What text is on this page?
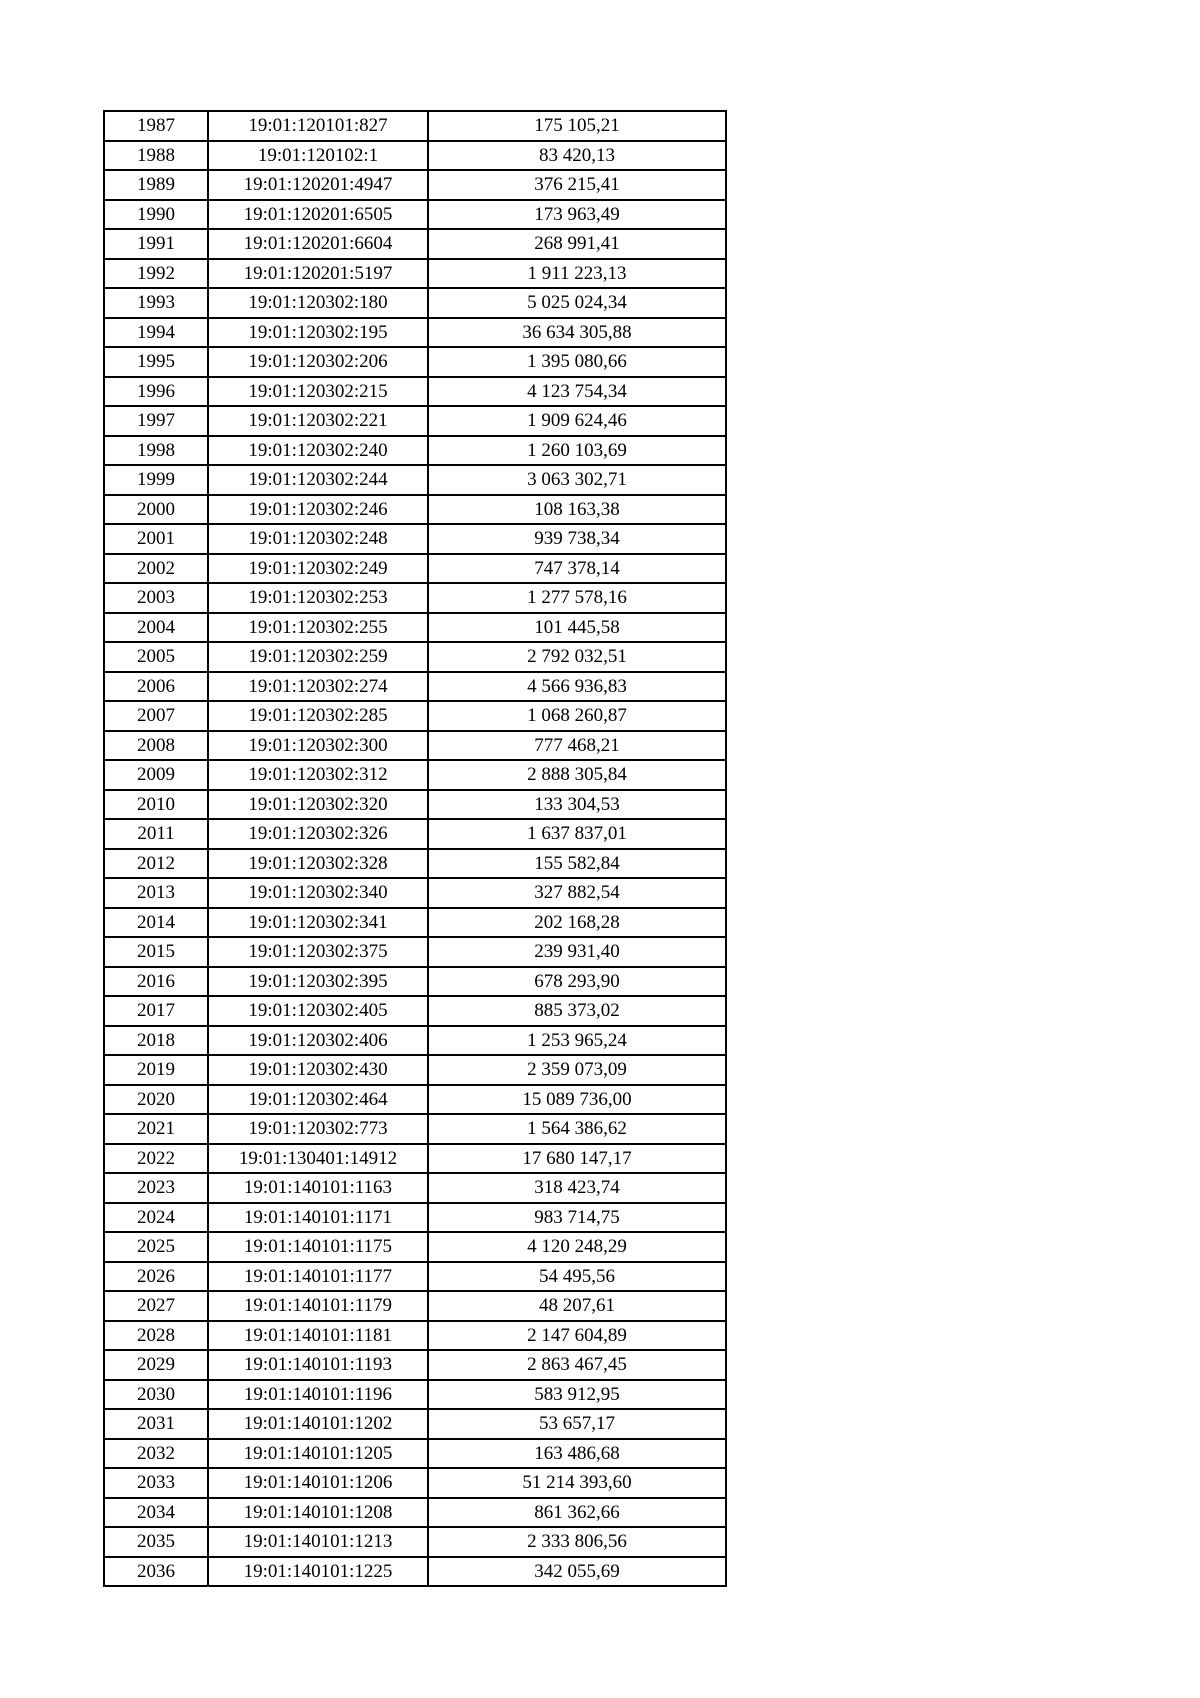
1987	19:01:120101:827	175 105,21
1988	19:01:120102:1	83 420,13
1989	19:01:120201:4947	376 215,41
1990	19:01:120201:6505	173 963,49
1991	19:01:120201:6604	268 991,41
1992	19:01:120201:5197	1 911 223,13
1993	19:01:120302:180	5 025 024,34
1994	19:01:120302:195	36 634 305,88
1995	19:01:120302:206	1 395 080,66
1996	19:01:120302:215	4 123 754,34
1997	19:01:120302:221	1 909 624,46
1998	19:01:120302:240	1 260 103,69
1999	19:01:120302:244	3 063 302,71
2000	19:01:120302:246	108 163,38
2001	19:01:120302:248	939 738,34
2002	19:01:120302:249	747 378,14
2003	19:01:120302:253	1 277 578,16
2004	19:01:120302:255	101 445,58
2005	19:01:120302:259	2 792 032,51
2006	19:01:120302:274	4 566 936,83
2007	19:01:120302:285	1 068 260,87
2008	19:01:120302:300	777 468,21
2009	19:01:120302:312	2 888 305,84
2010	19:01:120302:320	133 304,53
2011	19:01:120302:326	1 637 837,01
2012	19:01:120302:328	155 582,84
2013	19:01:120302:340	327 882,54
2014	19:01:120302:341	202 168,28
2015	19:01:120302:375	239 931,40
2016	19:01:120302:395	678 293,90
2017	19:01:120302:405	885 373,02
2018	19:01:120302:406	1 253 965,24
2019	19:01:120302:430	2 359 073,09
2020	19:01:120302:464	15 089 736,00
2021	19:01:120302:773	1 564 386,62
2022	19:01:130401:14912	17 680 147,17
2023	19:01:140101:1163	318 423,74
2024	19:01:140101:1171	983 714,75
2025	19:01:140101:1175	4 120 248,29
2026	19:01:140101:1177	54 495,56
2027	19:01:140101:1179	48 207,61
2028	19:01:140101:1181	2 147 604,89
2029	19:01:140101:1193	2 863 467,45
2030	19:01:140101:1196	583 912,95
2031	19:01:140101:1202	53 657,17
2032	19:01:140101:1205	163 486,68
2033	19:01:140101:1206	51 214 393,60
2034	19:01:140101:1208	861 362,66
2035	19:01:140101:1213	2 333 806,56
2036	19:01:140101:1225	342 055,69
